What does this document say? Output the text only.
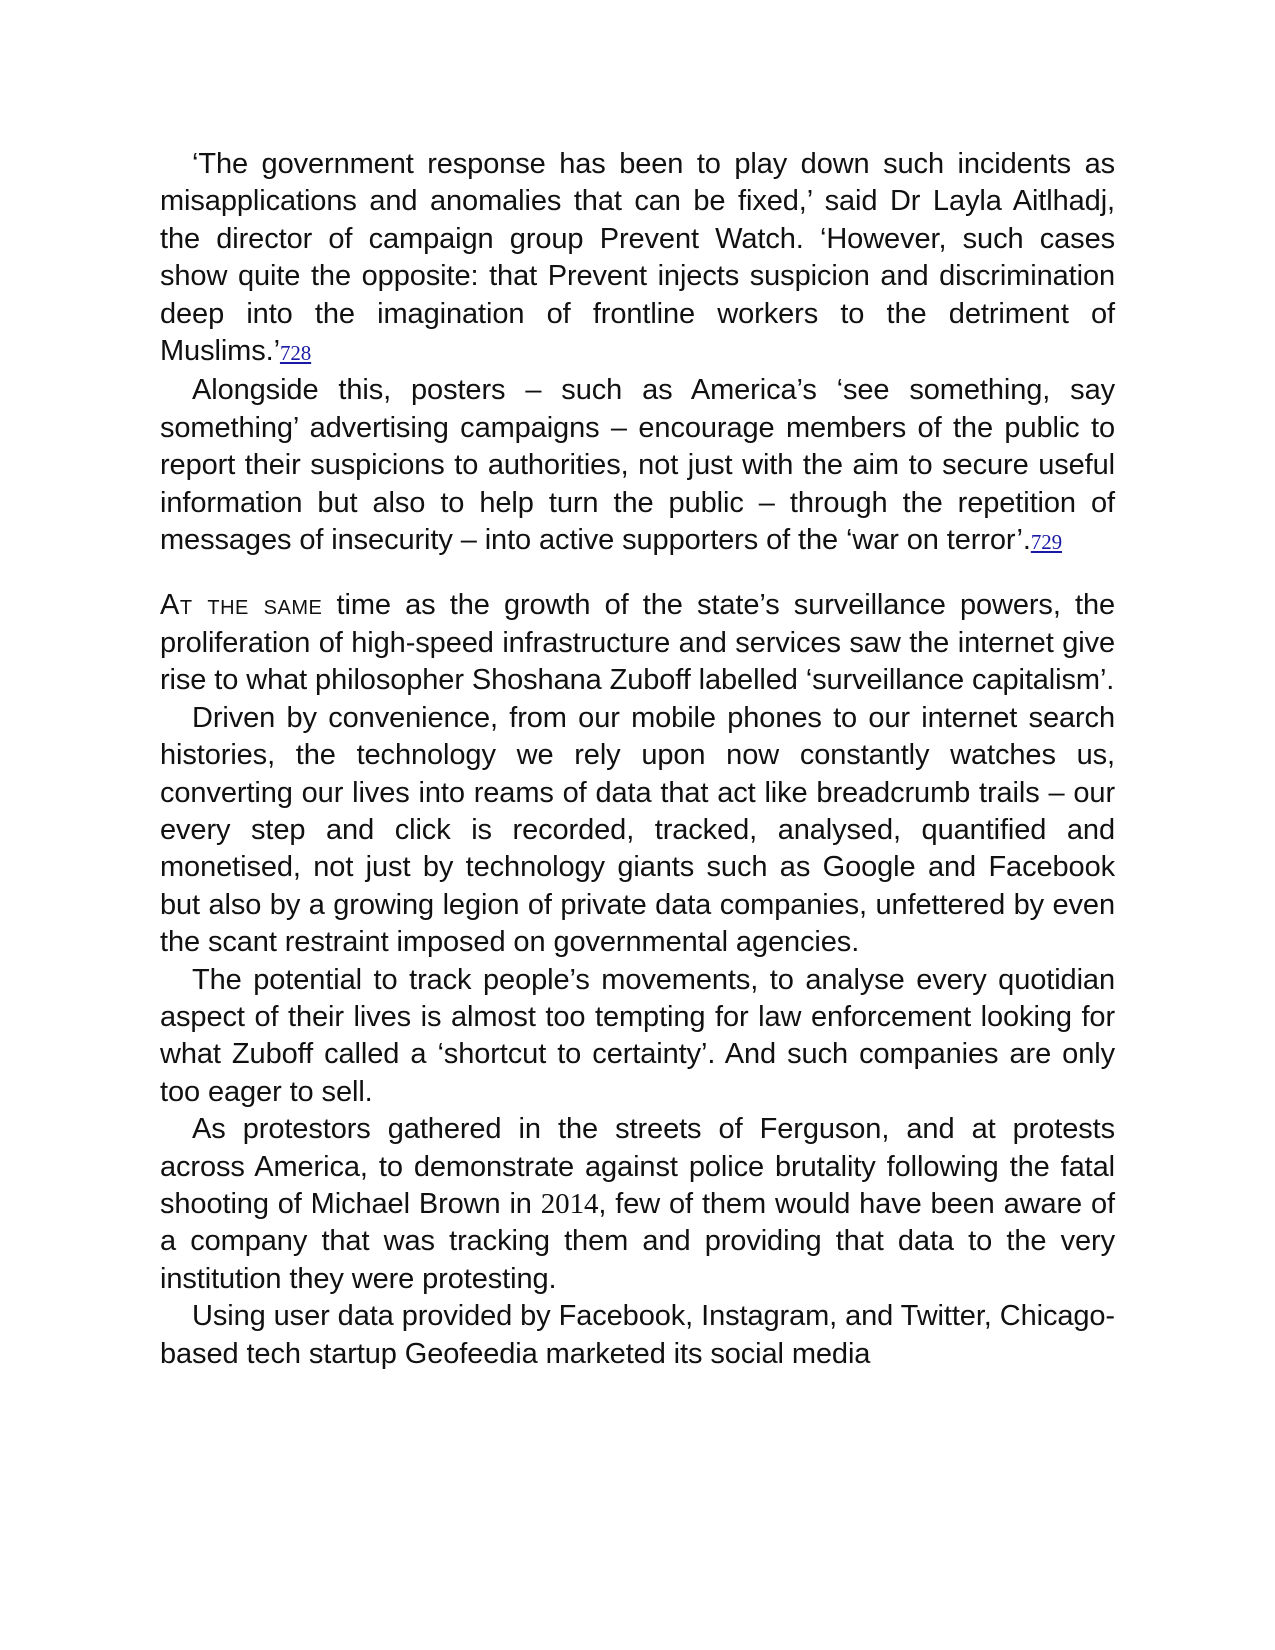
‘The government response has been to play down such incidents as misapplications and anomalies that can be fixed,’ said Dr Layla Aitlhadj, the director of campaign group Prevent Watch. ‘However, such cases show quite the opposite: that Prevent injects suspicion and discrimination deep into the imagination of frontline workers to the detriment of Muslims.’728

Alongside this, posters – such as America’s ‘see something, say something’ advertising campaigns – encourage members of the public to report their suspicions to authorities, not just with the aim to secure useful information but also to help turn the public – through the repetition of messages of insecurity – into active supporters of the ‘war on terror’.729

At the same time as the growth of the state’s surveillance powers, the proliferation of high-speed infrastructure and services saw the internet give rise to what philosopher Shoshana Zuboff labelled ‘surveillance capitalism’.

Driven by convenience, from our mobile phones to our internet search histories, the technology we rely upon now constantly watches us, converting our lives into reams of data that act like breadcrumb trails – our every step and click is recorded, tracked, analysed, quantified and monetised, not just by technology giants such as Google and Facebook but also by a growing legion of private data companies, unfettered by even the scant restraint imposed on governmental agencies.

The potential to track people’s movements, to analyse every quotidian aspect of their lives is almost too tempting for law enforcement looking for what Zuboff called a ‘shortcut to certainty’. And such companies are only too eager to sell.

As protestors gathered in the streets of Ferguson, and at protests across America, to demonstrate against police brutality following the fatal shooting of Michael Brown in 2014, few of them would have been aware of a company that was tracking them and providing that data to the very institution they were protesting.

Using user data provided by Facebook, Instagram, and Twitter, Chicago-based tech startup Geofeedia marketed its social media
